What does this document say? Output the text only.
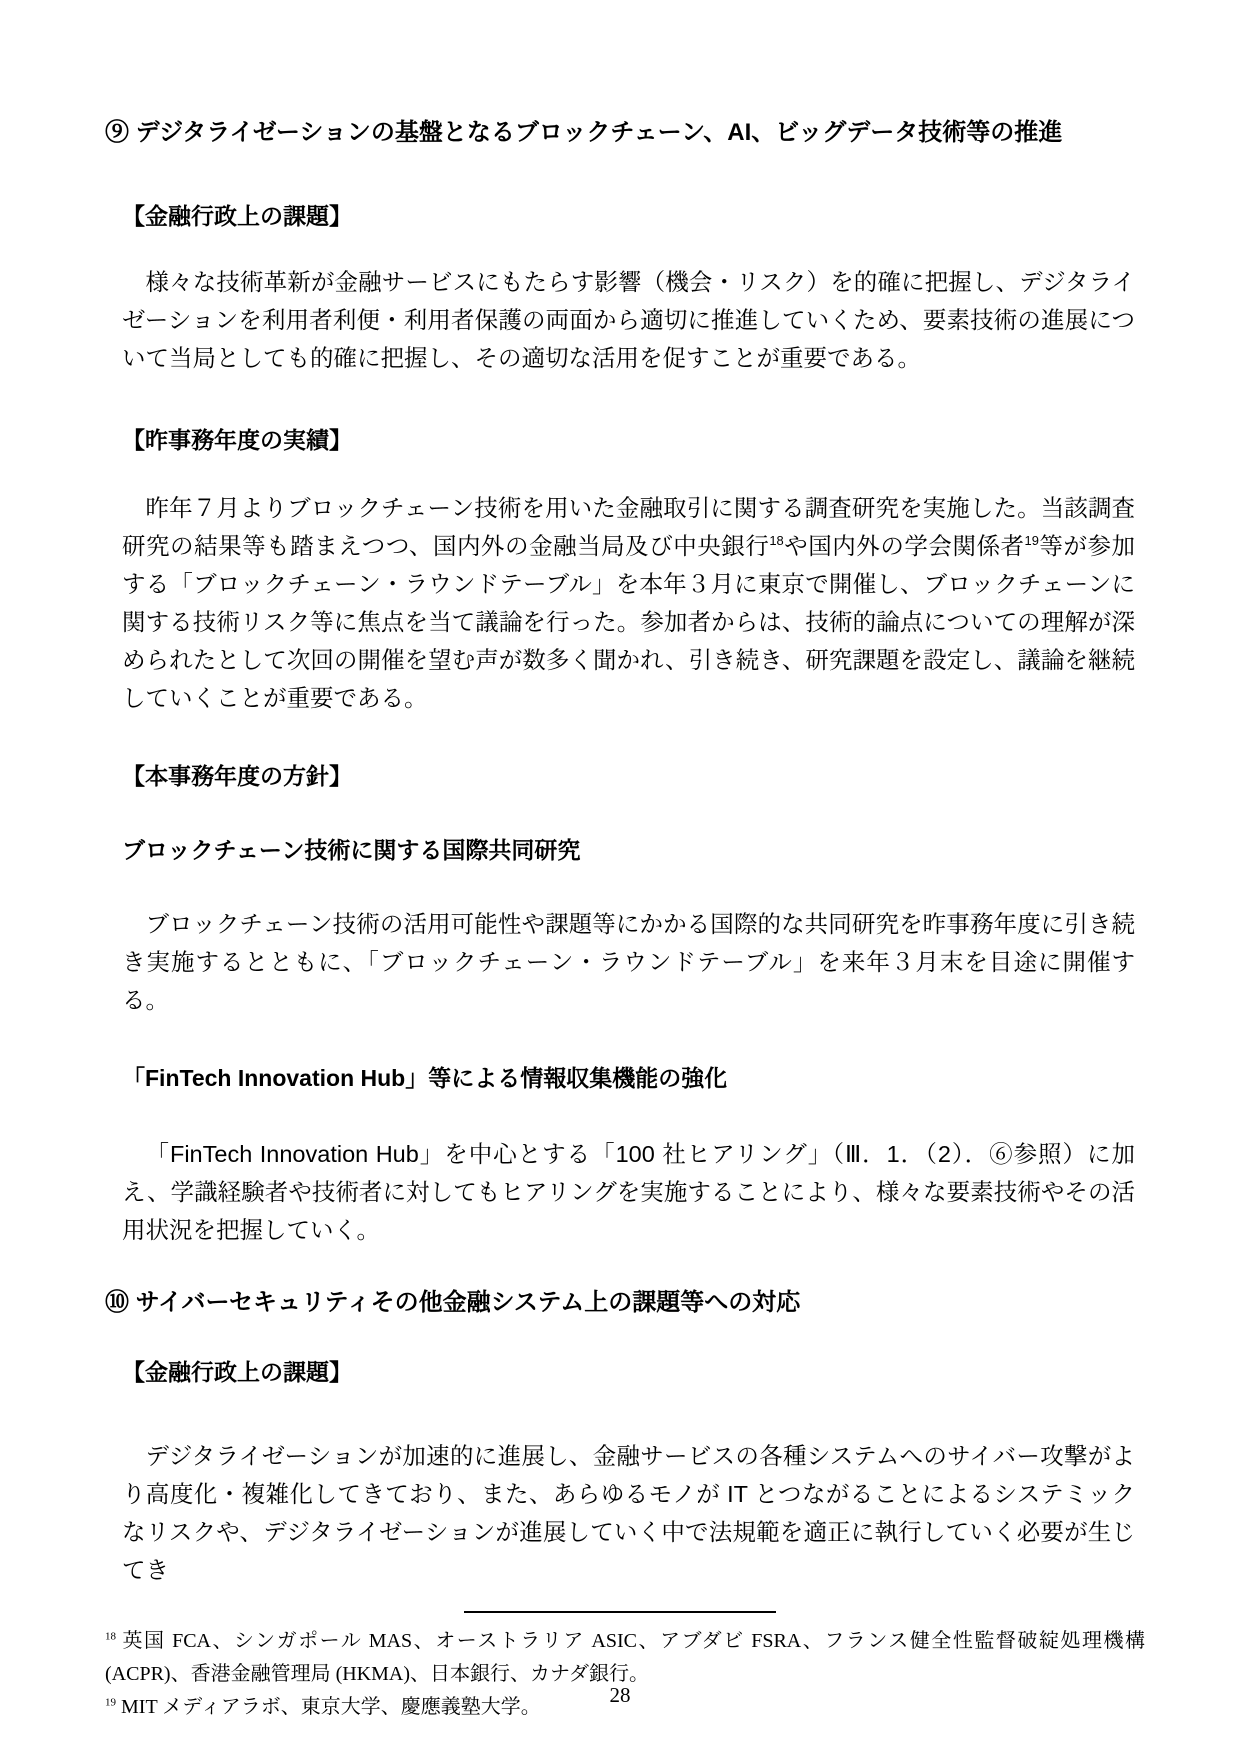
⑨ デジタライゼーションの基盤となるブロックチェーン、AI、ビッグデータ技術等の推進
【金融行政上の課題】

様々な技術革新が金融サービスにもたらす影響（機会・リスク）を的確に把握し、デジタライゼーションを利用者利便・利用者保護の両面から適切に推進していくため、要素技術の進展について当局としても的確に把握し、その適切な活用を促すことが重要である。

【昨事務年度の実績】

昨年７月よりブロックチェーン技術を用いた金融取引に関する調査研究を実施した。当該調査研究の結果等も踏まえつつ、国内外の金融当局及び中央銀行$^{18}$や国内外の学会関係者$^{19}$等が参加する「ブロックチェーン・ラウンドテーブル」を本年３月に東京で開催し、ブロックチェーンに関する技術リスク等に焦点を当て議論を行った。参加者からは、技術的論点についての理解が深められたとして次回の開催を望む声が数多く聞かれ、引き続き、研究課題を設定し、議論を継続していくことが重要である。

【本事務年度の方針】
ブロックチェーン技術に関する国際共同研究

ブロックチェーン技術の活用可能性や課題等にかかる国際的な共同研究を昨事務年度に引き続き実施するとともに、「ブロックチェーン・ラウンドテーブル」を来年３月末を目途に開催する。

「FinTech Innovation Hub」等による情報収集機能の強化

「FinTech Innovation Hub」を中心とする「100 社ヒアリング」（Ⅲ．1．（2）．⑥参照）に加え、学識経験者や技術者に対してもヒアリングを実施することにより、様々な要素技術やその活用状況を把握していく。

⑩ サイバーセキュリティその他金融システム上の課題等への対応
【金融行政上の課題】

デジタライゼーションが加速的に進展し、金融サービスの各種システムへのサイバー攻撃がより高度化・複雑化してきており、また、あらゆるモノが IT とつながることによるシステミックなリスクや、デジタライゼーションが進展していく中で法規範を適正に執行していく必要が生じてき

$^{18}$ 英国 FCA、シンガポール MAS、オーストラリア ASIC、アブダビ FSRA、フランス健全性監督破綻処理機構 (ACPR)、香港金融管理局 (HKMA)、日本銀行、カナダ銀行。

$^{19}$ MIT メディアラボ、東京大学、慶應義塾大学。	28
